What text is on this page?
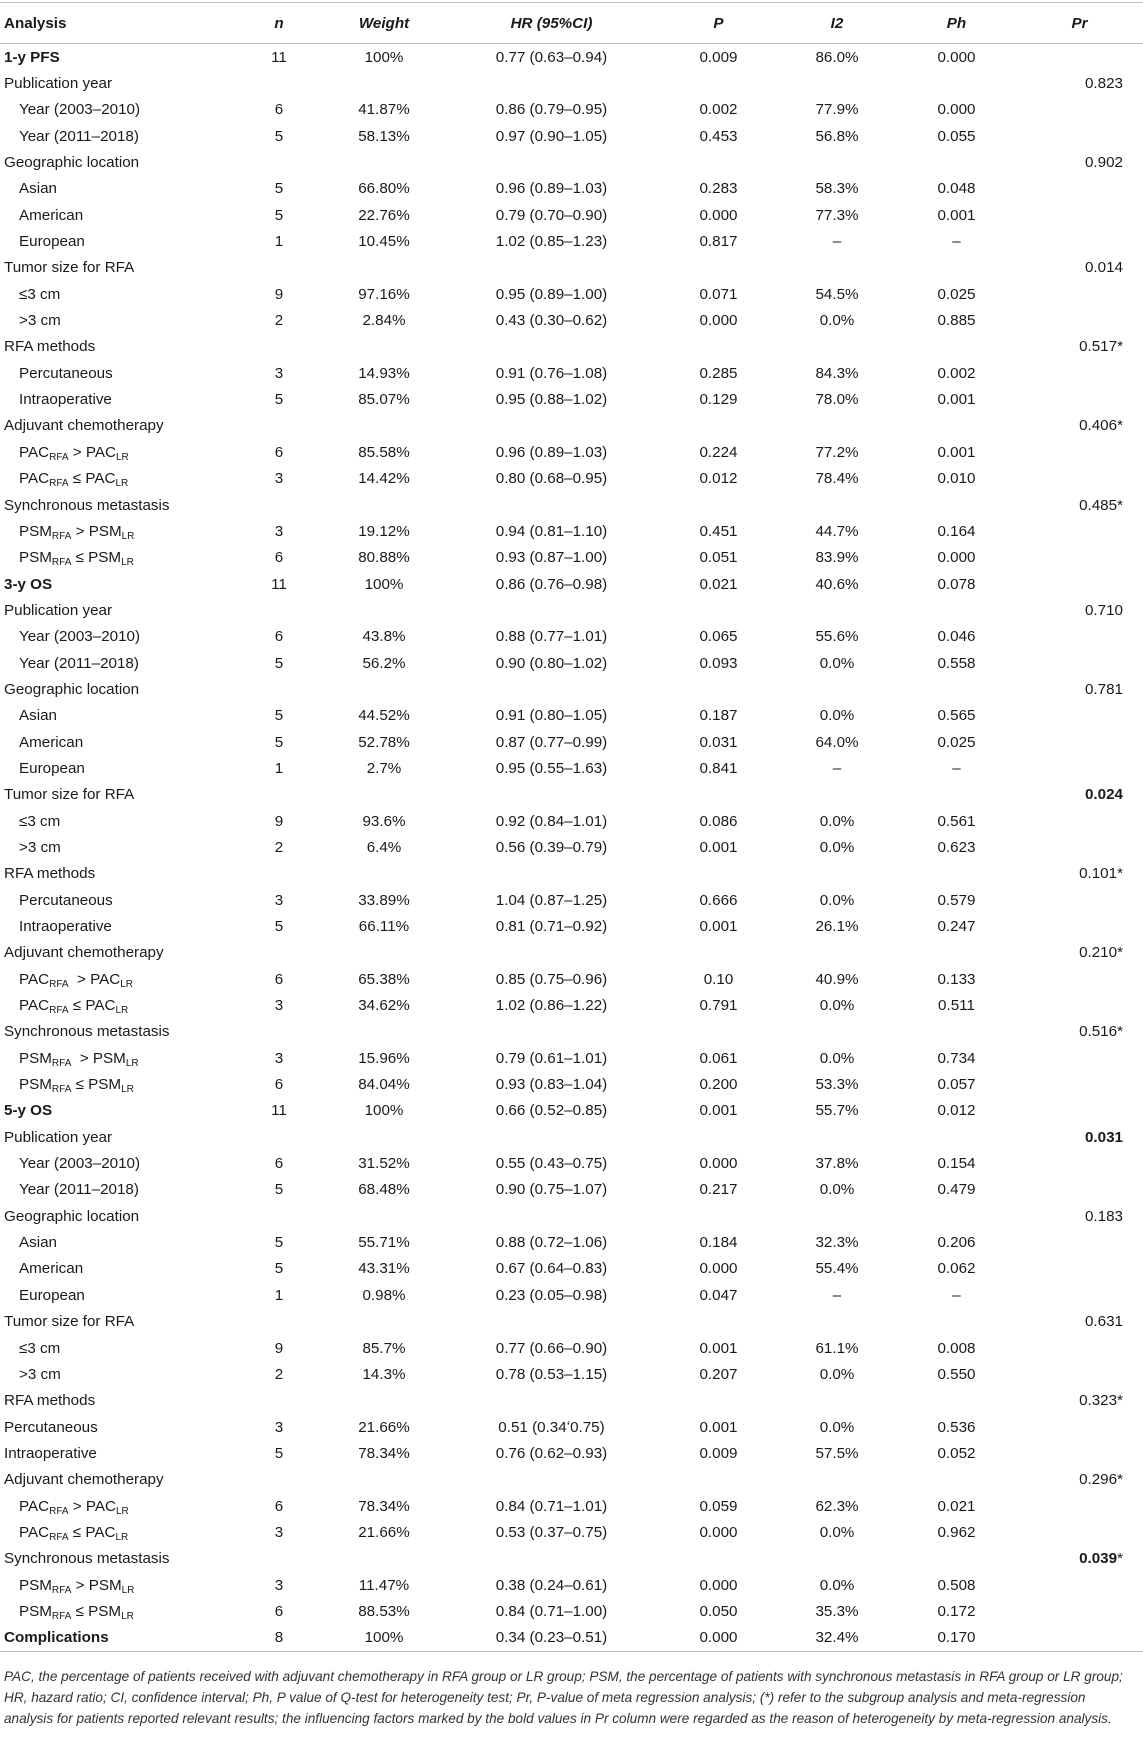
Analysis	n	Weight	HR (95%CI)	P	I2	Ph	Pr
1-y PFS	11	100%	0.77 (0.63–0.94)	0.009	86.0%	0.000	
Publication year							0.823
Year (2003–2010)	6	41.87%	0.86 (0.79–0.95)	0.002	77.9%	0.000	
Year (2011–2018)	5	58.13%	0.97 (0.90–1.05)	0.453	56.8%	0.055	
Geographic location							0.902
Asian	5	66.80%	0.96 (0.89–1.03)	0.283	58.3%	0.048	
American	5	22.76%	0.79 (0.70–0.90)	0.000	77.3%	0.001	
European	1	10.45%	1.02 (0.85–1.23)	0.817	–	–	
Tumor size for RFA							0.014
≤3 cm	9	97.16%	0.95 (0.89–1.00)	0.071	54.5%	0.025	
>3 cm	2	2.84%	0.43 (0.30–0.62)	0.000	0.0%	0.885	
RFA methods							0.517*
Percutaneous	3	14.93%	0.91 (0.76–1.08)	0.285	84.3%	0.002	
Intraoperative	5	85.07%	0.95 (0.88–1.02)	0.129	78.0%	0.001	
Adjuvant chemotherapy							0.406*
$PAC_{RFA} > PAC_{LR}$	6	85.58%	0.96 (0.89–1.03)	0.224	77.2%	0.001	
$PAC_{RFA} \le PAC_{LR}$	3	14.42%	0.80 (0.68–0.95)	0.012	78.4%	0.010	
Synchronous metastasis							0.485*
$PSM_{RFA} > PSM_{LR}$	3	19.12%	0.94 (0.81–1.10)	0.451	44.7%	0.164	
$PSM_{RFA} \le PSM_{LR}$	6	80.88%	0.93 (0.87–1.00)	0.051	83.9%	0.000	
3-y OS	11	100%	0.86 (0.76–0.98)	0.021	40.6%	0.078	
Publication year							0.710
Year (2003–2010)	6	43.8%	0.88 (0.77–1.01)	0.065	55.6%	0.046	
Year (2011–2018)	5	56.2%	0.90 (0.80–1.02)	0.093	0.0%	0.558	
Geographic location							0.781
Asian	5	44.52%	0.91 (0.80–1.05)	0.187	0.0%	0.565	
American	5	52.78%	0.87 (0.77–0.99)	0.031	64.0%	0.025	
European	1	2.7%	0.95 (0.55–1.63)	0.841	–	–	
Tumor size for RFA							0.024
≤3 cm	9	93.6%	0.92 (0.84–1.01)	0.086	0.0%	0.561	
>3 cm	2	6.4%	0.56 (0.39–0.79)	0.001	0.0%	0.623	
RFA methods							0.101*
Percutaneous	3	33.89%	1.04 (0.87–1.25)	0.666	0.0%	0.579	
Intraoperative	5	66.11%	0.81 (0.71–0.92)	0.001	26.1%	0.247	
Adjuvant chemotherapy							0.210*
$PAC_{RFA} > PAC_{LR}$	6	65.38%	0.85 (0.75–0.96)	0.10	40.9%	0.133	
$PAC_{RFA} \le PAC_{LR}$	3	34.62%	1.02 (0.86–1.22)	0.791	0.0%	0.511	
Synchronous metastasis							0.516*
$PSM_{RFA} > PSM_{LR}$	3	15.96%	0.79 (0.61–1.01)	0.061	0.0%	0.734	
$PSM_{RFA} \le PSM_{LR}$	6	84.04%	0.93 (0.83–1.04)	0.200	53.3%	0.057	
5-y OS	11	100%	0.66 (0.52–0.85)	0.001	55.7%	0.012	
Publication year							0.031
Year (2003–2010)	6	31.52%	0.55 (0.43–0.75)	0.000	37.8%	0.154	
Year (2011–2018)	5	68.48%	0.90 (0.75–1.07)	0.217	0.0%	0.479	
Geographic location							0.183
Asian	5	55.71%	0.88 (0.72–1.06)	0.184	32.3%	0.206	
American	5	43.31%	0.67 (0.64–0.83)	0.000	55.4%	0.062	
European	1	0.98%	0.23 (0.05–0.98)	0.047	–	–	
Tumor size for RFA							0.631
≤3 cm	9	85.7%	0.77 (0.66–0.90)	0.001	61.1%	0.008	
>3 cm	2	14.3%	0.78 (0.53–1.15)	0.207	0.0%	0.550	
RFA methods							0.323*
Percutaneous	3	21.66%	0.51 (0.34ʻ0.75)	0.001	0.0%	0.536	
Intraoperative	5	78.34%	0.76 (0.62–0.93)	0.009	57.5%	0.052	
Adjuvant chemotherapy							0.296*
$PAC_{RFA} > PAC_{LR}$	6	78.34%	0.84 (0.71–1.01)	0.059	62.3%	0.021	
$PAC_{RFA} \le PAC_{LR}$	3	21.66%	0.53 (0.37–0.75)	0.000	0.0%	0.962	
Synchronous metastasis							0.039*
$PSM_{RFA} > PSM_{LR}$	3	11.47%	0.38 (0.24–0.61)	0.000	0.0%	0.508	
$PSM_{RFA} \le PSM_{LR}$	6	88.53%	0.84 (0.71–1.00)	0.050	35.3%	0.172	
Complications	8	100%	0.34 (0.23–0.51)	0.000	32.4%	0.170	
PAC, the percentage of patients received with adjuvant chemotherapy in RFA group or LR group; PSM, the percentage of patients with synchronous metastasis in RFA group or LR group; HR, hazard ratio; CI, confidence interval; Ph, P value of Q-test for heterogeneity test; Pr, P-value of meta regression analysis; (*) refer to the subgroup analysis and meta-regression analysis for patients reported relevant results; the influencing factors marked by the bold values in Pr column were regarded as the reason of heterogeneity by meta-regression analysis.
